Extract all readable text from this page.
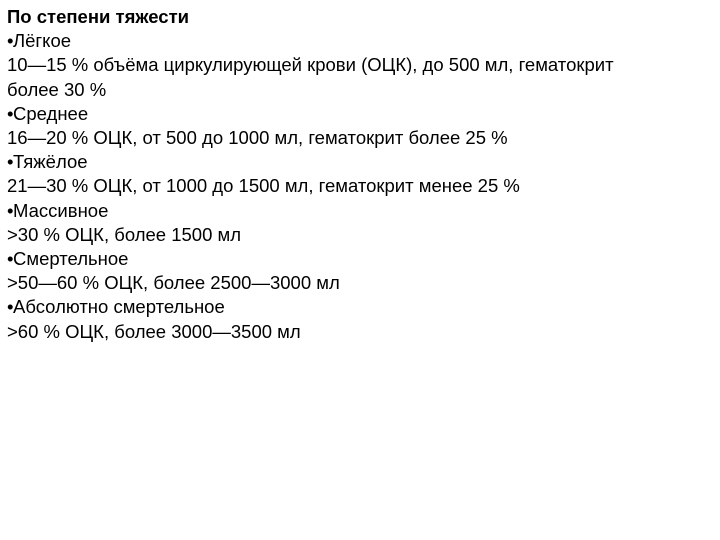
По степени тяжести
•Лёгкое
10—15 % объёма циркулирующей крови (ОЦК), до 500 мл, гематокрит
более 30 %
•Среднее
16—20 % ОЦК, от 500 до 1000 мл, гематокрит более 25 %
•Тяжёлое
21—30 % ОЦК, от 1000 до 1500 мл, гематокрит менее 25 %
•Массивное
>30 % ОЦК, более 1500 мл
•Смертельное
>50—60 % ОЦК, более 2500—3000 мл
•Абсолютно смертельное
>60 % ОЦК, более 3000—3500 мл
